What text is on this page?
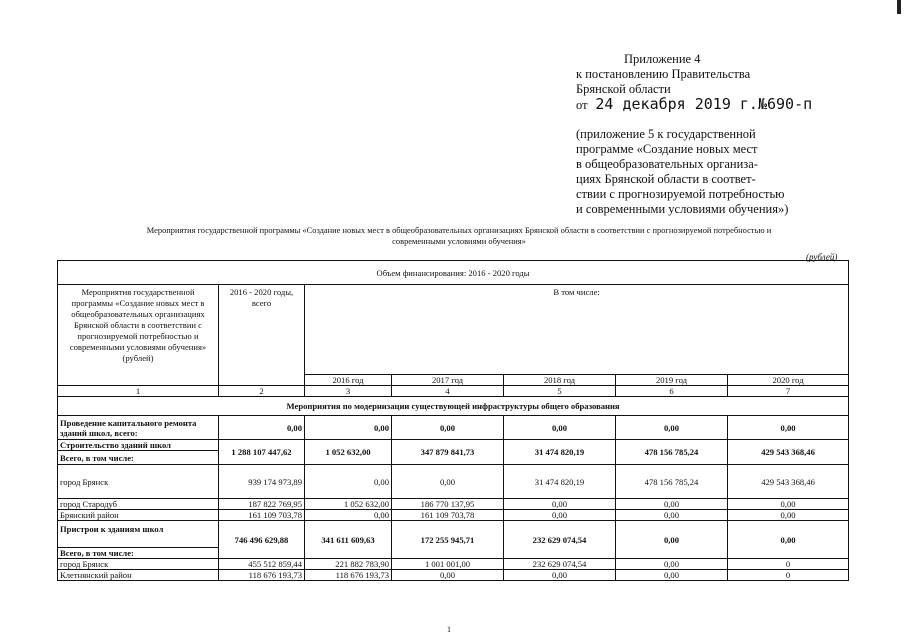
Приложение 4
к постановлению Правительства
Брянской области
от 24 декабря 2019 г.№690-п
(приложение 5 к государственной
программе «Создание новых мест
в общеобразовательных организа-
циях Брянской области в соответ-
ствии с прогнозируемой потребностью
и современными условиями обучения»)
Мероприятия государственной программы «Создание новых мест в общеобразовательных организациях Брянской области в соответствии с прогнозируемой потребностью и
современными условиями обучения»
(рублей)
Объем финансирования: 2016 - 2020 годы						
Мероприятия государственной программы «Создание новых мест в общеобразовательных организациях Брянской области в соответствии с прогнозируемой потребностью и современными условиями обучения» (рублей)	2016 - 2020 годы, всего	В том числе:				
		2016 год	2017 год	2018 год	2019 год	2020 год
1	2	3	4	5	6	7
Мероприятия по модернизации существующей инфраструктуры общего образования						
Проведение капитального ремонта зданий школ, всего:	0,00	0,00	0,00	0,00	0,00	0,00
Строительство зданий школ	1 288 107 447,62	1 052 632,00	347 879 841,73	31 474 820,19	478 156 785,24	429 543 368,46
Всего, в том числе:						
город Брянск	939 174 973,89	0,00	0,00	31 474 820,19	478 156 785,24	429 543 368,46
город Стародуб	187 822 769,95	1 052 632,00	186 770 137,95	0,00	0,00	0,00
Брянский район	161 109 703,78	0,00	161 109 703,78	0,00	0,00	0,00
Пристрои к зданиям школ	746 496 629,88	341 611 609,63	172 255 945,71	232 629 074,54	0,00	0,00
Всего, в том числе:						
город Брянск	455 512 859,44	221 882 783,90	1 001 001,00	232 629 074,54	0,00	0
Клетнянский район	118 676 193,73	118 676 193,73	0,00	0,00	0,00	0
1
